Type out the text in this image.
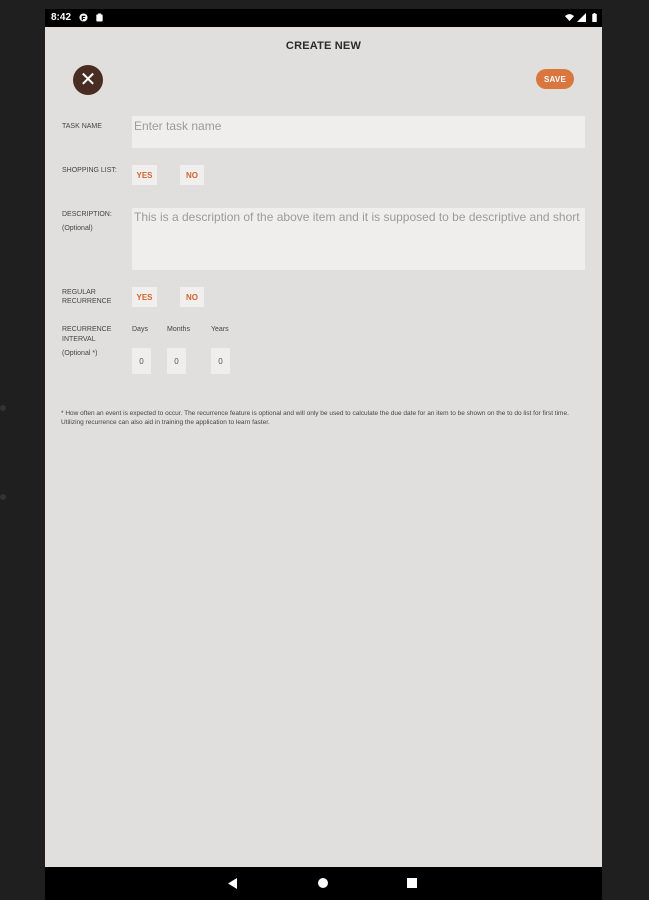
8:42
CREATE NEW
✕	SAVE
TASK NAME	Enter task name
SHOPPING LIST:	YES	NO
DESCRIPTION:
(Optional)
This is a description of the above item and it is supposed to be descriptive and short
REGULAR
RECURRENCE	YES	NO
RECURRENCE
INTERVAL
(Optional *)
Days	Months	Years
0	0	0
* How often an event is expected to occur. The recurrence feature is optional and will only be used to calculate the due date for an item to be shown on the to do list for first time. Utilizing recurrence can also aid in training the application to learn faster.
